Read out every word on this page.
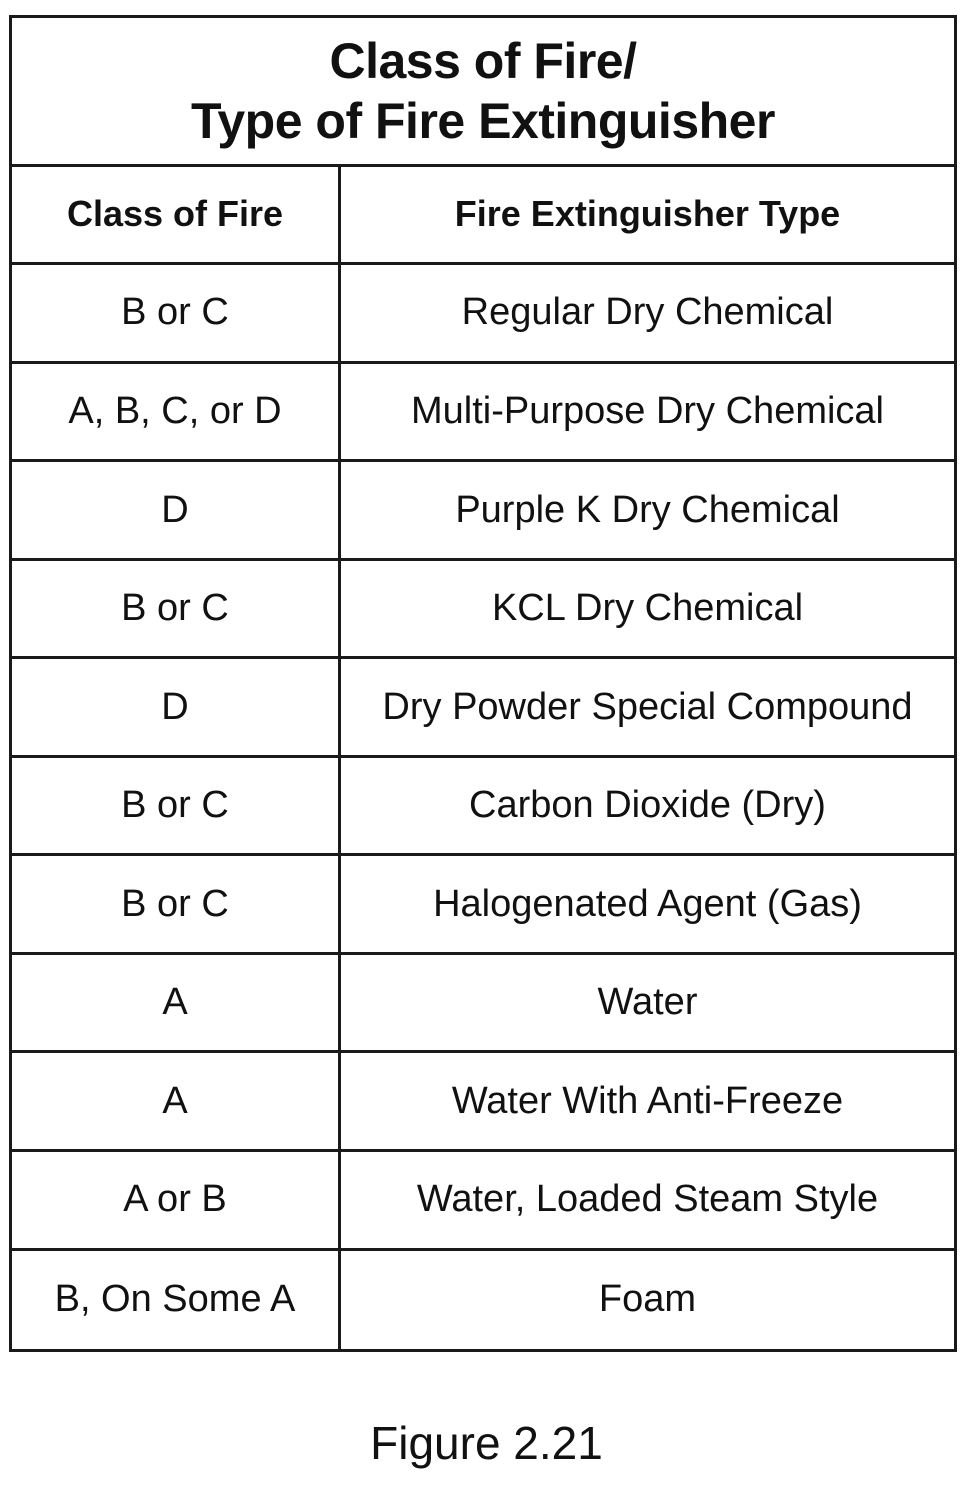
Class of Fire/
Type of Fire Extinguisher
Class of Fire	Fire Extinguisher Type
B or C	Regular Dry Chemical
A, B, C, or D	Multi-Purpose Dry Chemical
D	Purple K Dry Chemical
B or C	KCL Dry Chemical
D	Dry Powder Special Compound
B or C	Carbon Dioxide (Dry)
B or C	Halogenated Agent (Gas)
A	Water
A	Water With Anti-Freeze
A or B	Water, Loaded Steam Style
B, On Some A	Foam
Figure 2.21
